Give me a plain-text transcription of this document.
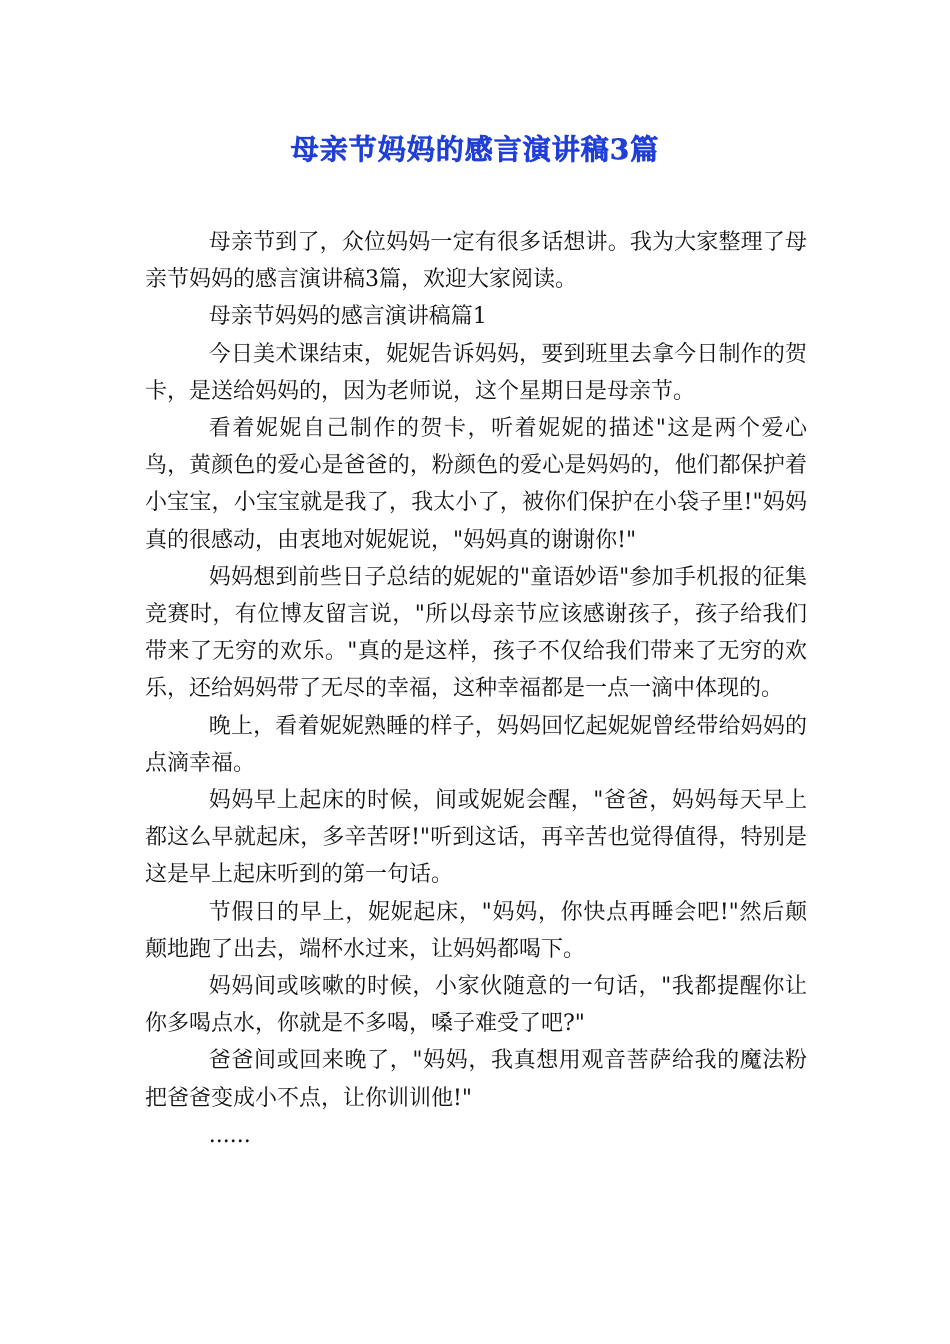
母亲节妈妈的感言演讲稿3篇

母亲节到了，众位妈妈一定有很多话想讲。我为大家整理了母亲节妈妈的感言演讲稿3篇，欢迎大家阅读。

母亲节妈妈的感言演讲稿篇1

今日美术课结束，妮妮告诉妈妈，要到班里去拿今日制作的贺卡，是送给妈妈的，因为老师说，这个星期日是母亲节。

看着妮妮自己制作的贺卡，听着妮妮的描述"这是两个爱心鸟，黄颜色的爱心是爸爸的，粉颜色的爱心是妈妈的，他们都保护着小宝宝，小宝宝就是我了，我太小了，被你们保护在小袋子里!"妈妈真的很感动，由衷地对妮妮说，"妈妈真的谢谢你!"

妈妈想到前些日子总结的妮妮的"童语妙语"参加手机报的征集竞赛时，有位博友留言说，"所以母亲节应该感谢孩子，孩子给我们带来了无穷的欢乐。"真的是这样，孩子不仅给我们带来了无穷的欢乐，还给妈妈带了无尽的幸福，这种幸福都是一点一滴中体现的。

晚上，看着妮妮熟睡的样子，妈妈回忆起妮妮曾经带给妈妈的点滴幸福。

妈妈早上起床的时候，间或妮妮会醒，"爸爸，妈妈每天早上都这么早就起床，多辛苦呀!"听到这话，再辛苦也觉得值得，特别是这是早上起床听到的第一句话。

节假日的早上，妮妮起床，"妈妈，你快点再睡会吧!"然后颠颠地跑了出去，端杯水过来，让妈妈都喝下。

妈妈间或咳嗽的时候，小家伙随意的一句话，"我都提醒你让你多喝点水，你就是不多喝，嗓子难受了吧?"

爸爸间或回来晚了，"妈妈，我真想用观音菩萨给我的魔法粉把爸爸变成小不点，让你训训他!"

......
